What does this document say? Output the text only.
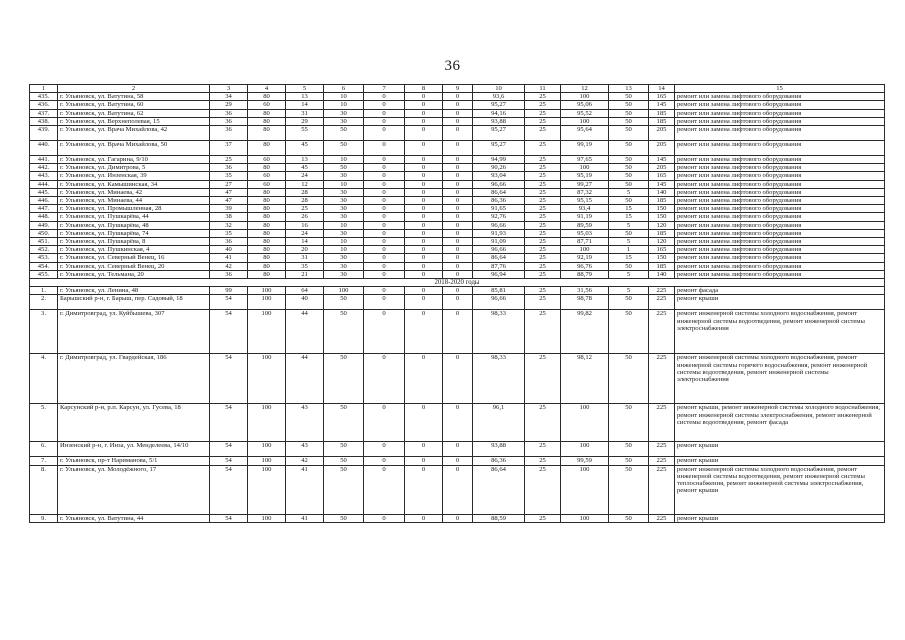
36
1	2	3	4	5	6	7	8	9	10	11	12	13	14	15
435.	г. Ульяновск, ул. Ватутина, 58	34	80	13	10	0	0	0	93,6	25	100	50	165	ремонт или замена лифтового оборудования
436.	г. Ульяновск, ул. Ватутина, 60	29	60	14	10	0	0	0	95,27	25	95,06	50	145	ремонт или замена лифтового оборудования
437.	г. Ульяновск, ул. Ватутина, 62	36	80	31	30	0	0	0	94,16	25	95,52	50	185	ремонт или замена лифтового оборудования
438.	г. Ульяновск, ул. Верхнеполевая, 15	36	80	29	30	0	0	0	93,88	25	100	50	185	ремонт или замена лифтового оборудования
439.	г. Ульяновск, ул. Врача Михайлова, 42	36	80	55	50	0	0	0	95,27	25	95,64	50	205	ремонт или замена лифтового оборудования
440.	г. Ульяновск, ул. Врача Михайлова, 50	37	80	45	50	0	0	0	95,27	25	99,19	50	205	ремонт или замена лифтового оборудования
441.	г. Ульяновск, ул. Гагарина, 9/10	25	60	13	10	0	0	0	94,99	25	97,65	50	145	ремонт или замена лифтового оборудования
442.	г. Ульяновск, ул. Димитрова, 5	36	80	45	50	0	0	0	90,26	25	100	50	205	ремонт или замена лифтового оборудования
443.	г. Ульяновск, ул. Инзенская, 39	35	60	24	30	0	0	0	93,04	25	95,19	50	165	ремонт или замена лифтового оборудования
444.	г. Ульяновск, ул. Камышинская, 34	27	60	12	10	0	0	0	96,66	25	99,27	50	145	ремонт или замена лифтового оборудования
445.	г. Ульяновск, ул. Минаева, 42	47	80	28	30	0	0	0	86,64	25	87,32	5	140	ремонт или замена лифтового оборудования
446.	г. Ульяновск, ул. Минаева, 44	47	80	28	30	0	0	0	86,36	25	95,15	50	185	ремонт или замена лифтового оборудования
447.	г. Ульяновск, ул. Промышленная, 28	39	80	25	30	0	0	0	91,65	25	93,4	15	150	ремонт или замена лифтового оборудования
448.	г. Ульяновск, ул. Пушкарёва, 44	38	80	26	30	0	0	0	92,76	25	91,19	15	150	ремонт или замена лифтового оборудования
449.	г. Ульяновск, ул. Пушкарёва, 48	32	80	16	10	0	0	0	96,66	25	89,59	5	120	ремонт или замена лифтового оборудования
450.	г. Ульяновск, ул. Пушкарёва, 74	35	80	24	30	0	0	0	91,93	25	95,03	50	185	ремонт или замена лифтового оборудования
451.	г. Ульяновск, ул. Пушкарёва, 8	36	80	14	10	0	0	0	91,09	25	87,71	5	120	ремонт или замена лифтового оборудования
452.	г. Ульяновск, ул. Пушкинская, 4	40	80	20	10	0	0	0	96,66	25	100	1	165	ремонт или замена лифтового оборудования
453.	г. Ульяновск, ул. Северный Венец, 16	41	80	31	30	0	0	0	86,64	25	92,19	15	150	ремонт или замена лифтового оборудования
454.	г. Ульяновск, ул. Северный Венец, 20	42	80	35	30	0	0	0	87,76	25	96,76	50	185	ремонт или замена лифтового оборудования
455.	г. Ульяновск, ул. Тельмана, 20	36	80	21	30	0	0	0	96,94	25	88,79	5	140	ремонт или замена лифтового оборудования
2018-2020 годы														
1.	г. Ульяновск, ул. Ленина, 48	99	100	64	100	0	0	0	85,81	25	31,56	5	225	ремонт фасада
2.	Барышский р-н, г. Барыш, пер. Садовый, 18	54	100	40	50	0	0	0	96,66	25	98,78	50	225	ремонт крыши
3.	г. Димитровград, ул. Куйбышева, 307	54	100	44	50	0	0	0	98,33	25	99,82	50	225	ремонт инженерной системы холодного водоснабжения, ремонт инженерной системы водоотведения, ремонт инженерной системы электроснабжения
4.	г. Димитровград, ул. Гвардейская, 186	54	100	44	50	0	0	0	98,33	25	98,12	50	225	ремонт инженерной системы холодного водоснабжения, ремонт инженерной системы горячего водоснабжения, ремонт инженерной системы водоотведения, ремонт инженерной системы электроснабжения
5.	Карсунский р-н, р.п. Карсун, ул. Гусева, 18	54	100	43	50	0	0	0	96,1	25	100	50	225	ремонт крыши, ремонт инженерной системы холодного водоснабжения, ремонт инженерной системы электроснабжения, ремонт инженерной системы водоотведения, ремонт фасада
6.	Инзенский р-н, г. Инза, ул. Менделеева, 14/10	54	100	43	50	0	0	0	93,88	25	100	50	225	ремонт крыши
7.	г. Ульяновск, пр-т Нариманова, 5/1	54	100	42	50	0	0	0	86,36	25	99,59	50	225	ремонт крыши
8.	г. Ульяновск, ул. Молодёжного, 17	54	100	41	50	0	0	0	86,64	25	100	50	225	ремонт инженерной системы холодного водоснабжения, ремонт инженерной системы водоотведения, ремонт инженерной системы теплоснабжения, ремонт инженерной системы электроснабжения, ремонт крыши
9.	г. Ульяновск, ул. Ватутина, 44	54	100	41	50	0	0	0	88,59	25	100	50	225	ремонт крыши
